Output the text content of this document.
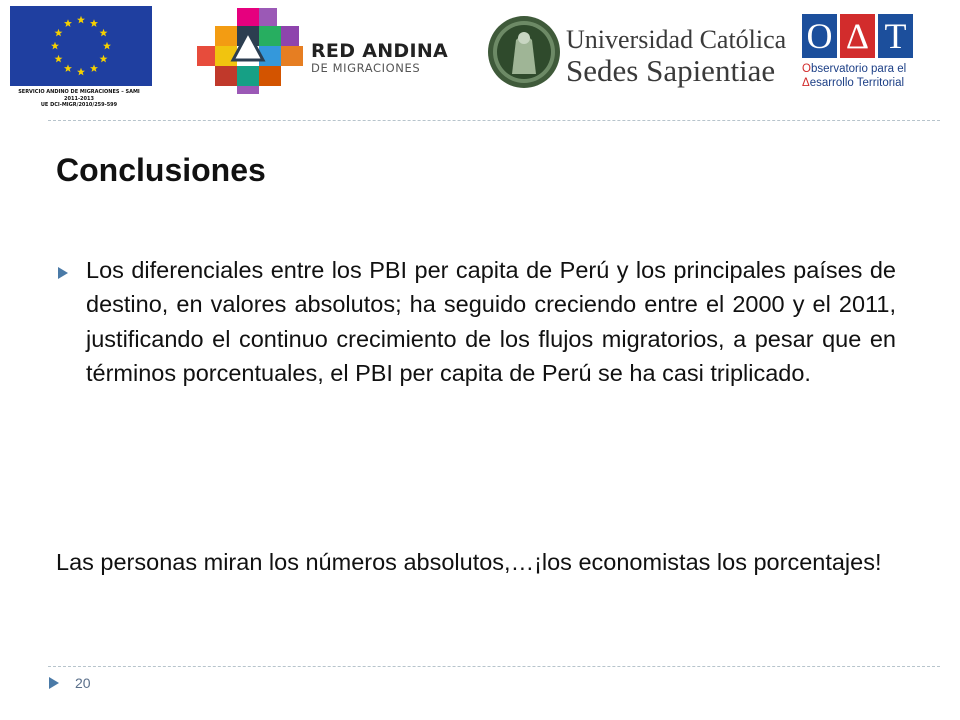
SERVICIO ANDINO DE MIGRACIONES – SAMI
2011-2013
UE DCI-MIGR/2010/259-599
RED ANDINA
DE MIGRACIONES
Universidad Católica
Sedes Sapientiae
O Δ T
Observatorio para el
Δesarrollo Territorial
Conclusiones
Los diferenciales entre los PBI per capita de Perú y los principales países de destino, en valores absolutos; ha seguido creciendo entre el 2000 y el 2011, justificando el continuo crecimiento de los flujos migratorios, a pesar que en términos porcentuales, el PBI per capita de Perú se ha casi triplicado.
Las personas miran los números absolutos,…¡los economistas los porcentajes!
20
